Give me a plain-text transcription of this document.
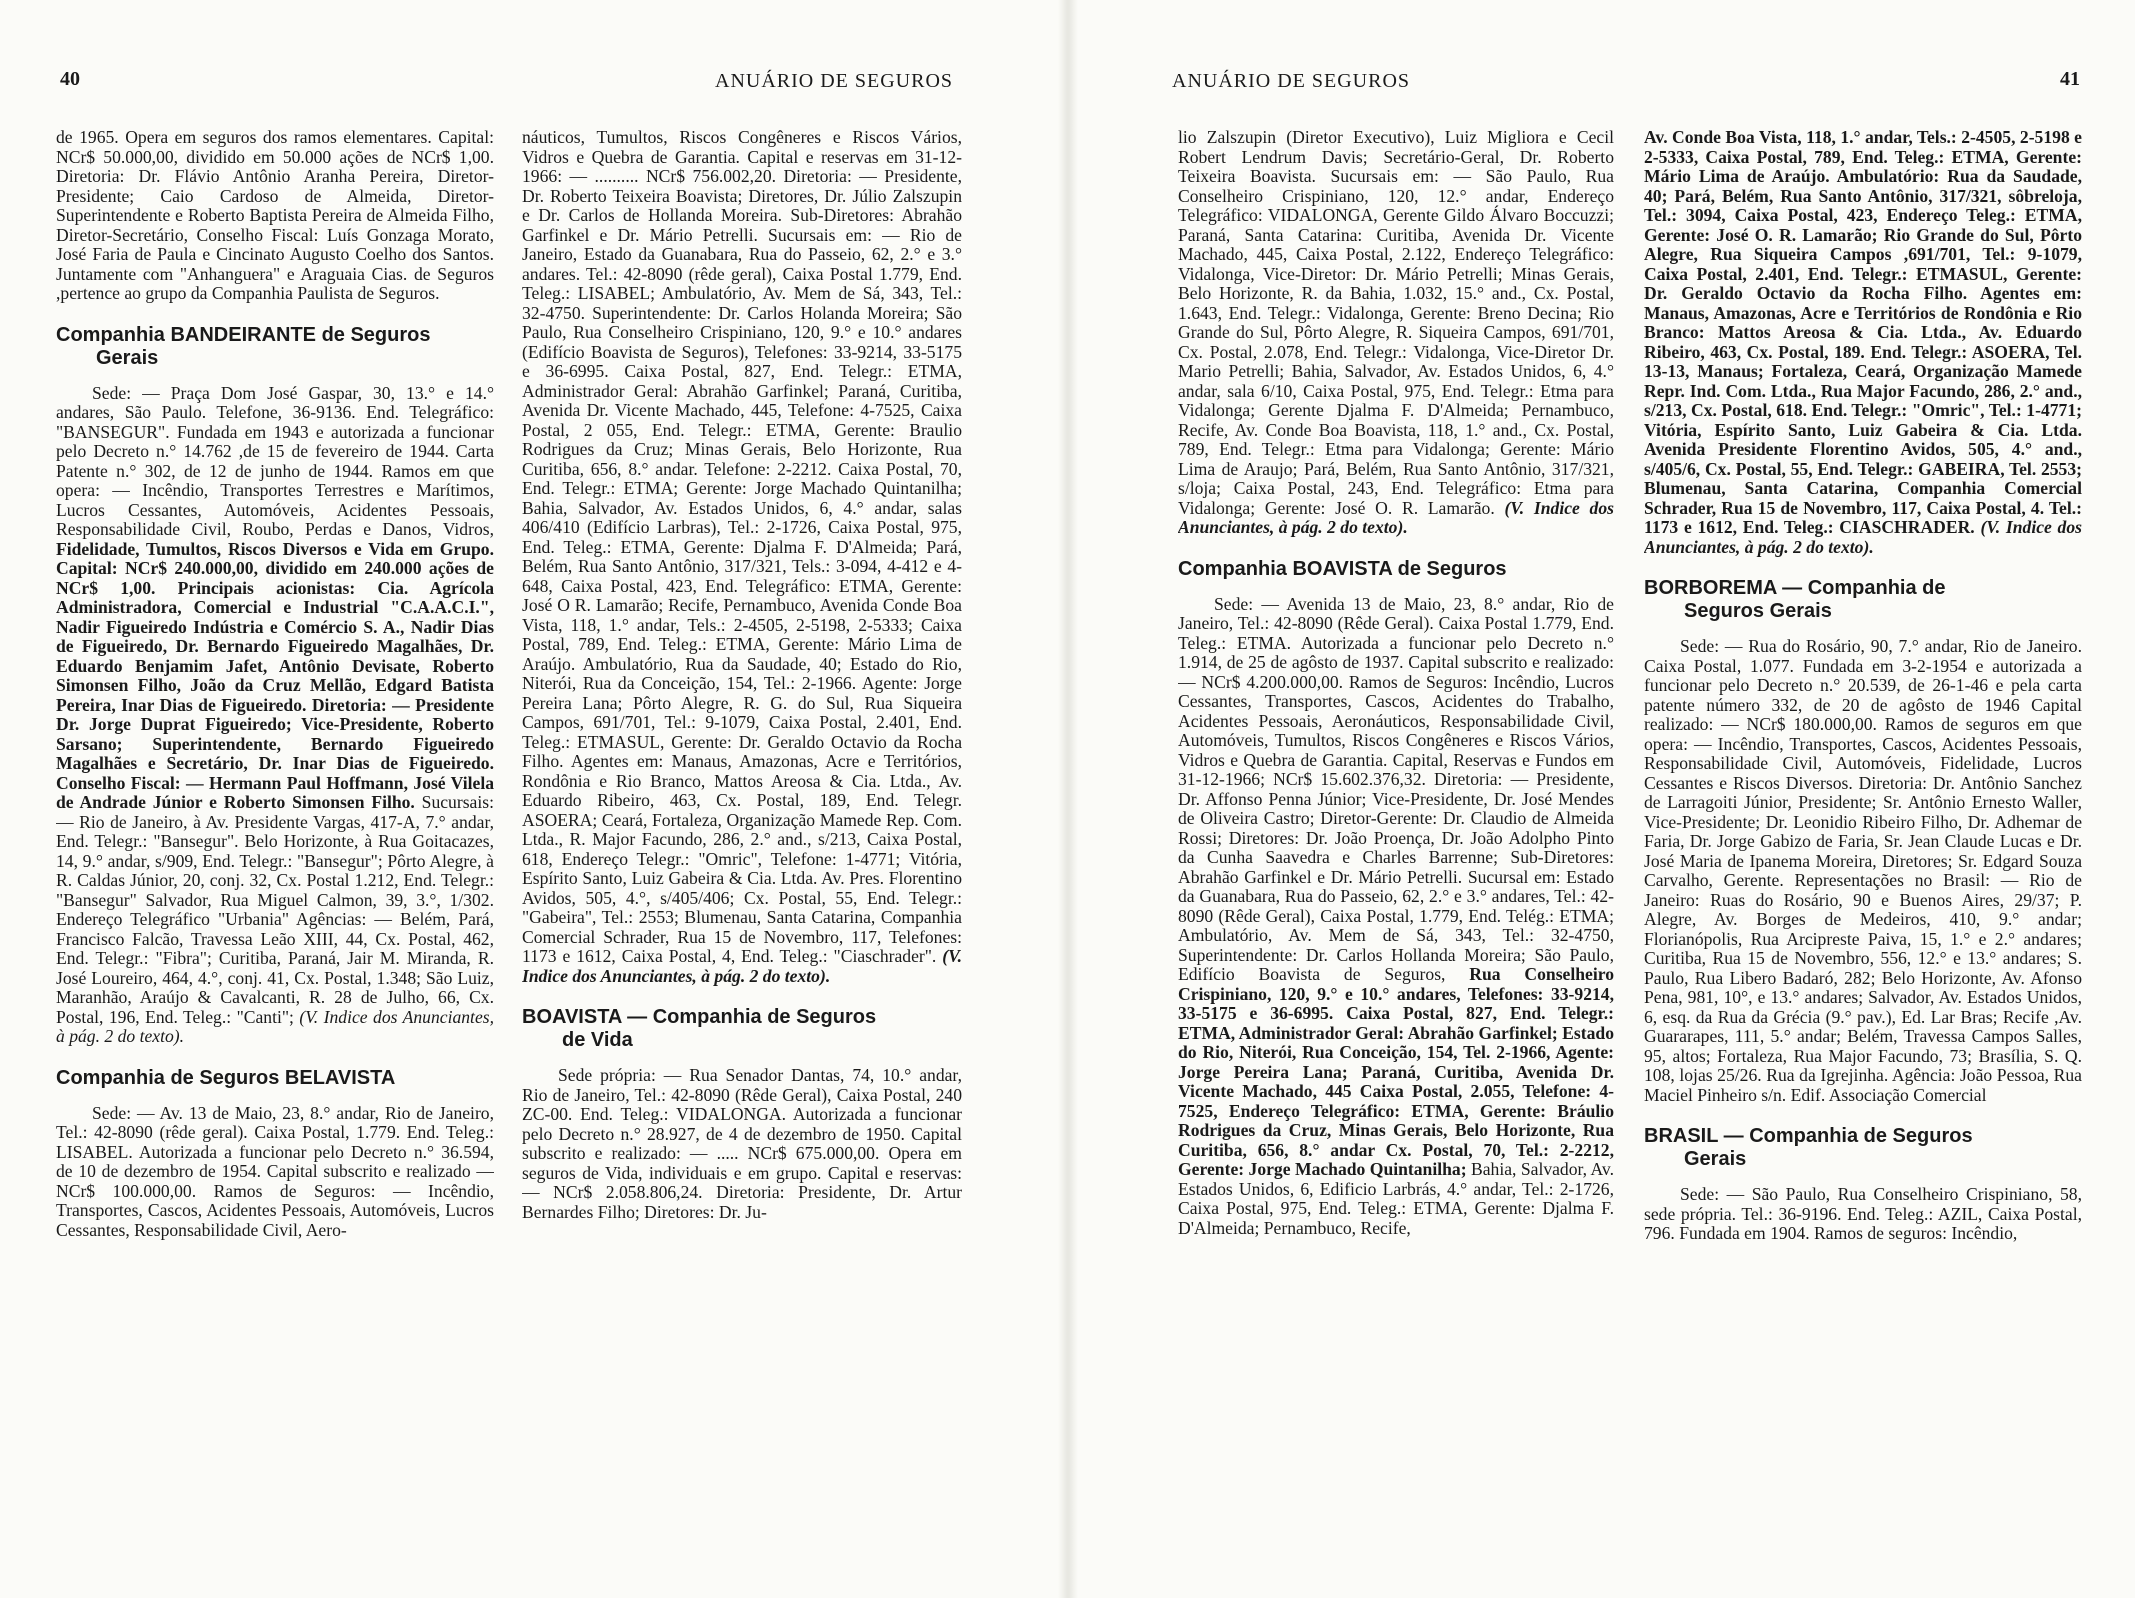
40	ANUÁRIO DE SEGUROS

de 1965. Opera em seguros dos ramos elementares. Capital: NCr$ 50.000,00, dividido em 50.000 ações de NCr$ 1,00. Diretoria: Dr. Flávio Antônio Aranha Pereira, Diretor-Presidente; Caio Cardoso de Almeida, Diretor-Superintendente e Roberto Baptista Pereira de Almeida Filho, Diretor-Secretário, Conselho Fiscal: Luís Gonzaga Morato, José Faria de Paula e Cincinato Augusto Coelho dos Santos. Juntamente com "Anhanguera" e Araguaia Cias. de Seguros ,pertence ao grupo da Companhia Paulista de Seguros.

Companhia BANDEIRANTE de Seguros
Gerais

Sede: — Praça Dom José Gaspar, 30, 13.° e 14.° andares, São Paulo. Telefone, 36-9136. End. Telegráfico: "BANSEGUR". Fundada em 1943 e autorizada a funcionar pelo Decreto n.° 14.762 ,de 15 de fevereiro de 1944. Carta Patente n.° 302, de 12 de junho de 1944. Ramos em que opera: — Incêndio, Transportes Terrestres e Marítimos, Lucros Cessantes, Automóveis, Acidentes Pessoais, Responsabilidade Civil, Roubo, Perdas e Danos, Vidros, Fidelidade, Tumultos, Riscos Diversos e Vida em Grupo. Capital: NCr$ 240.000,00, dividido em 240.000 ações de NCr$ 1,00. Principais acionistas: Cia. Agrícola Administradora, Comercial e Industrial "C.A.A.C.I.", Nadir Figueiredo Indústria e Comércio S. A., Nadir Dias de Figueiredo, Dr. Bernardo Figueiredo Magalhães, Dr. Eduardo Benjamim Jafet, Antônio Devisate, Roberto Simonsen Filho, João da Cruz Mellão, Edgard Batista Pereira, Inar Dias de Figueiredo. Diretoria: — Presidente Dr. Jorge Duprat Figueiredo; Vice-Presidente, Roberto Sarsano; Superintendente, Bernardo Figueiredo Magalhães e Secretário, Dr. Inar Dias de Figueiredo. Conselho Fiscal: — Hermann Paul Hoffmann, José Vilela de Andrade Júnior e Roberto Simonsen Filho. Sucursais: — Rio de Janeiro, à Av. Presidente Vargas, 417-A, 7.° andar, End. Telegr.: "Bansegur". Belo Horizonte, à Rua Goitacazes, 14, 9.° andar, s/909, End. Telegr.: "Bansegur"; Pôrto Alegre, à R. Caldas Júnior, 20, conj. 32, Cx. Postal 1.212, End. Telegr.: "Bansegur" Salvador, Rua Miguel Calmon, 39, 3.°, 1/302. Endereço Telegráfico "Urbania" Agências: — Belém, Pará, Francisco Falcão, Travessa Leão XIII, 44, Cx. Postal, 462, End. Telegr.: "Fibra"; Curitiba, Paraná, Jair M. Miranda, R. José Loureiro, 464, 4.°, conj. 41, Cx. Postal, 1.348; São Luiz, Maranhão, Araújo & Cavalcanti, R. 28 de Julho, 66, Cx. Postal, 196, End. Teleg.: "Canti"; (V. Indice dos Anunciantes, à pág. 2 do texto).

Companhia de Seguros BELAVISTA

Sede: — Av. 13 de Maio, 23, 8.° andar, Rio de Janeiro, Tel.: 42-8090 (rêde geral). Caixa Postal, 1.779. End. Teleg.: LISABEL. Autorizada a funcionar pelo Decreto n.° 36.594, de 10 de dezembro de 1954. Capital subscrito e realizado — NCr$ 100.000,00. Ramos de Seguros: — Incêndio, Transportes, Cascos, Acidentes Pessoais, Automóveis, Lucros Cessantes, Responsabilidade Civil, Aero-

náuticos, Tumultos, Riscos Congêneres e Riscos Vários, Vidros e Quebra de Garantia. Capital e reservas em 31-12-1966: — .......... NCr$ 756.002,20. Diretoria: — Presidente, Dr. Roberto Teixeira Boavista; Diretores, Dr. Júlio Zalszupin e Dr. Carlos de Hollanda Moreira. Sub-Diretores: Abrahão Garfinkel e Dr. Mário Petrelli. Sucursais em: — Rio de Janeiro, Estado da Guanabara, Rua do Passeio, 62, 2.° e 3.° andares. Tel.: 42-8090 (rêde geral), Caixa Postal 1.779, End. Teleg.: LISABEL; Ambulatório, Av. Mem de Sá, 343, Tel.: 32-4750. Superintendente: Dr. Carlos Holanda Moreira; São Paulo, Rua Conselheiro Crispiniano, 120, 9.° e 10.° andares (Edifício Boavista de Seguros), Telefones: 33-9214, 33-5175 e 36-6995. Caixa Postal, 827, End. Telegr.: ETMA, Administrador Geral: Abrahão Garfinkel; Paraná, Curitiba, Avenida Dr. Vicente Machado, 445, Telefone: 4-7525, Caixa Postal, 2 055, End. Telegr.: ETMA, Gerente: Braulio Rodrigues da Cruz; Minas Gerais, Belo Horizonte, Rua Curitiba, 656, 8.° andar. Telefone: 2-2212. Caixa Postal, 70, End. Telegr.: ETMA; Gerente: Jorge Machado Quintanilha; Bahia, Salvador, Av. Estados Unidos, 6, 4.° andar, salas 406/410 (Edifício Larbras), Tel.: 2-1726, Caixa Postal, 975, End. Teleg.: ETMA, Gerente: Djalma F. D'Almeida; Pará, Belém, Rua Santo Antônio, 317/321, Tels.: 3-094, 4-412 e 4-648, Caixa Postal, 423, End. Telegráfico: ETMA, Gerente: José O R. Lamarão; Recife, Pernambuco, Avenida Conde Boa Vista, 118, 1.° andar, Tels.: 2-4505, 2-5198, 2-5333; Caixa Postal, 789, End. Teleg.: ETMA, Gerente: Mário Lima de Araújo. Ambulatório, Rua da Saudade, 40; Estado do Rio, Niterói, Rua da Conceição, 154, Tel.: 2-1966. Agente: Jorge Pereira Lana; Pôrto Alegre, R. G. do Sul, Rua Siqueira Campos, 691/701, Tel.: 9-1079, Caixa Postal, 2.401, End. Teleg.: ETMASUL, Gerente: Dr. Geraldo Octavio da Rocha Filho. Agentes em: Manaus, Amazonas, Acre e Territórios, Rondônia e Rio Branco, Mattos Areosa & Cia. Ltda., Av. Eduardo Ribeiro, 463, Cx. Postal, 189, End. Telegr. ASOERA; Ceará, Fortaleza, Organização Mamede Rep. Com. Ltda., R. Major Facundo, 286, 2.° and., s/213, Caixa Postal, 618, Endereço Telegr.: "Omric", Telefone: 1-4771; Vitória, Espírito Santo, Luiz Gabeira & Cia. Ltda. Av. Pres. Florentino Avidos, 505, 4.°, s/405/406; Cx. Postal, 55, End. Telegr.: "Gabeira", Tel.: 2553; Blumenau, Santa Catarina, Companhia Comercial Schrader, Rua 15 de Novembro, 117, Telefones: 1173 e 1612, Caixa Postal, 4, End. Teleg.: "Ciaschrader". (V. Indice dos Anunciantes, à pág. 2 do texto).

BOAVISTA — Companhia de Seguros
de Vida

Sede própria: — Rua Senador Dantas, 74, 10.° andar, Rio de Janeiro, Tel.: 42-8090 (Rêde Geral), Caixa Postal, 240 ZC-00. End. Teleg.: VIDALONGA. Autorizada a funcionar pelo Decreto n.° 28.927, de 4 de dezembro de 1950. Capital subscrito e realizado: — ..... NCr$ 675.000,00. Opera em seguros de Vida, individuais e em grupo. Capital e reservas: — NCr$ 2.058.806,24. Diretoria: Presidente, Dr. Artur Bernardes Filho; Diretores: Dr. Ju-

ANUÁRIO DE SEGUROS	41

lio Zalszupin (Diretor Executivo), Luiz Migliora e Cecil Robert Lendrum Davis; Secretário-Geral, Dr. Roberto Teixeira Boavista. Sucursais em: — São Paulo, Rua Conselheiro Crispiniano, 120, 12.° andar, Endereço Telegráfico: VIDALONGA, Gerente Gildo Álvaro Boccuzzi; Paraná, Santa Catarina: Curitiba, Avenida Dr. Vicente Machado, 445, Caixa Postal, 2.122, Endereço Telegráfico: Vidalonga, Vice-Diretor: Dr. Mário Petrelli; Minas Gerais, Belo Horizonte, R. da Bahia, 1.032, 15.° and., Cx. Postal, 1.643, End. Telegr.: Vidalonga, Gerente: Breno Decina; Rio Grande do Sul, Pôrto Alegre, R. Siqueira Campos, 691/701, Cx. Postal, 2.078, End. Telegr.: Vidalonga, Vice-Diretor Dr. Mario Petrelli; Bahia, Salvador, Av. Estados Unidos, 6, 4.° andar, sala 6/10, Caixa Postal, 975, End. Telegr.: Etma para Vidalonga; Gerente Djalma F. D'Almeida; Pernambuco, Recife, Av. Conde Boa Boavista, 118, 1.° and., Cx. Postal, 789, End. Telegr.: Etma para Vidalonga; Gerente: Mário Lima de Araujo; Pará, Belém, Rua Santo Antônio, 317/321, s/loja; Caixa Postal, 243, End. Telegráfico: Etma para Vidalonga; Gerente: José O. R. Lamarão. (V. Indice dos Anunciantes, à pág. 2 do texto).

Companhia BOAVISTA de Seguros

Sede: — Avenida 13 de Maio, 23, 8.° andar, Rio de Janeiro, Tel.: 42-8090 (Rêde Geral). Caixa Postal 1.779, End. Teleg.: ETMA. Autorizada a funcionar pelo Decreto n.° 1.914, de 25 de agôsto de 1937. Capital subscrito e realizado: — NCr$ 4.200.000,00. Ramos de Seguros: Incêndio, Lucros Cessantes, Transportes, Cascos, Acidentes do Trabalho, Acidentes Pessoais, Aeronáuticos, Responsabilidade Civil, Automóveis, Tumultos, Riscos Congêneres e Riscos Vários, Vidros e Quebra de Garantia. Capital, Reservas e Fundos em 31-12-1966; NCr$ 15.602.376,32. Diretoria: — Presidente, Dr. Affonso Penna Júnior; Vice-Presidente, Dr. José Mendes de Oliveira Castro; Diretor-Gerente: Dr. Claudio de Almeida Rossi; Diretores: Dr. João Proença, Dr. João Adolpho Pinto da Cunha Saavedra e Charles Barrenne; Sub-Diretores: Abrahão Garfinkel e Dr. Mário Petrelli. Sucursal em: Estado da Guanabara, Rua do Passeio, 62, 2.° e 3.° andares, Tel.: 42-8090 (Rêde Geral), Caixa Postal, 1.779, End. Telég.: ETMA; Ambulatório, Av. Mem de Sá, 343, Tel.: 32-4750, Superintendente: Dr. Carlos Hollanda Moreira; São Paulo, Edifício Boavista de Seguros, Rua Conselheiro Crispiniano, 120, 9.° e 10.° andares, Telefones: 33-9214, 33-5175 e 36-6995. Caixa Postal, 827, End. Telegr.: ETMA, Administrador Geral: Abrahão Garfinkel; Estado do Rio, Niterói, Rua Conceição, 154, Tel. 2-1966, Agente: Jorge Pereira Lana; Paraná, Curitiba, Avenida Dr. Vicente Machado, 445 Caixa Postal, 2.055, Telefone: 4-7525, Endereço Telegráfico: ETMA, Gerente: Bráulio Rodrigues da Cruz, Minas Gerais, Belo Horizonte, Rua Curitiba, 656, 8.° andar Cx. Postal, 70, Tel.: 2-2212, Gerente: Jorge Machado Quintanilha; Bahia, Salvador, Av. Estados Unidos, 6, Edificio Larbrás, 4.° andar, Tel.: 2-1726, Caixa Postal, 975, End. Teleg.: ETMA, Gerente: Djalma F. D'Almeida; Pernambuco, Recife,

Av. Conde Boa Vista, 118, 1.° andar, Tels.: 2-4505, 2-5198 e 2-5333, Caixa Postal, 789, End. Teleg.: ETMA, Gerente: Mário Lima de Araújo. Ambulatório: Rua da Saudade, 40; Pará, Belém, Rua Santo Antônio, 317/321, sôbreloja, Tel.: 3094, Caixa Postal, 423, Endereço Teleg.: ETMA, Gerente: José O. R. Lamarão; Rio Grande do Sul, Pôrto Alegre, Rua Siqueira Campos ,691/701, Tel.: 9-1079, Caixa Postal, 2.401, End. Telegr.: ETMASUL, Gerente: Dr. Geraldo Octavio da Rocha Filho. Agentes em: Manaus, Amazonas, Acre e Territórios de Rondônia e Rio Branco: Mattos Areosa & Cia. Ltda., Av. Eduardo Ribeiro, 463, Cx. Postal, 189. End. Telegr.: ASOERA, Tel. 13-13, Manaus; Fortaleza, Ceará, Organização Mamede Repr. Ind. Com. Ltda., Rua Major Facundo, 286, 2.° and., s/213, Cx. Postal, 618. End. Telegr.: "Omric", Tel.: 1-4771; Vitória, Espírito Santo, Luiz Gabeira & Cia. Ltda. Avenida Presidente Florentino Avidos, 505, 4.° and., s/405/6, Cx. Postal, 55, End. Telegr.: GABEIRA, Tel. 2553; Blumenau, Santa Catarina, Companhia Comercial Schrader, Rua 15 de Novembro, 117, Caixa Postal, 4. Tel.: 1173 e 1612, End. Teleg.: CIASCHRADER. (V. Indice dos Anunciantes, à pág. 2 do texto).

BORBOREMA — Companhia de
Seguros Gerais

Sede: — Rua do Rosário, 90, 7.° andar, Rio de Janeiro. Caixa Postal, 1.077. Fundada em 3-2-1954 e autorizada a funcionar pelo Decreto n.° 20.539, de 26-1-46 e pela carta patente número 332, de 20 de agôsto de 1946 Capital realizado: — NCr$ 180.000,00. Ramos de seguros em que opera: — Incêndio, Transportes, Cascos, Acidentes Pessoais, Responsabilidade Civil, Automóveis, Fidelidade, Lucros Cessantes e Riscos Diversos. Diretoria: Dr. Antônio Sanchez de Larragoiti Júnior, Presidente; Sr. Antônio Ernesto Waller, Vice-Presidente; Dr. Leonidio Ribeiro Filho, Dr. Adhemar de Faria, Dr. Jorge Gabizo de Faria, Sr. Jean Claude Lucas e Dr. José Maria de Ipanema Moreira, Diretores; Sr. Edgard Souza Carvalho, Gerente. Representações no Brasil: — Rio de Janeiro: Ruas do Rosário, 90 e Buenos Aires, 29/37; P. Alegre, Av. Borges de Medeiros, 410, 9.° andar; Florianópolis, Rua Arcipreste Paiva, 15, 1.° e 2.° andares; Curitiba, Rua 15 de Novembro, 556, 12.° e 13.° andares; S. Paulo, Rua Libero Badaró, 282; Belo Horizonte, Av. Afonso Pena, 981, 10°, e 13.° andares; Salvador, Av. Estados Unidos, 6, esq. da Rua da Grécia (9.° pav.), Ed. Lar Bras; Recife ,Av. Guararapes, 111, 5.° andar; Belém, Travessa Campos Salles, 95, altos; Fortaleza, Rua Major Facundo, 73; Brasília, S. Q. 108, lojas 25/26. Rua da Igrejinha. Agência: João Pessoa, Rua Maciel Pinheiro s/n. Edif. Associação Comercial

BRASIL — Companhia de Seguros
Gerais

Sede: — São Paulo, Rua Conselheiro Crispiniano, 58, sede própria. Tel.: 36-9196. End. Teleg.: AZIL, Caixa Postal, 796. Fundada em 1904. Ramos de seguros: Incêndio,
